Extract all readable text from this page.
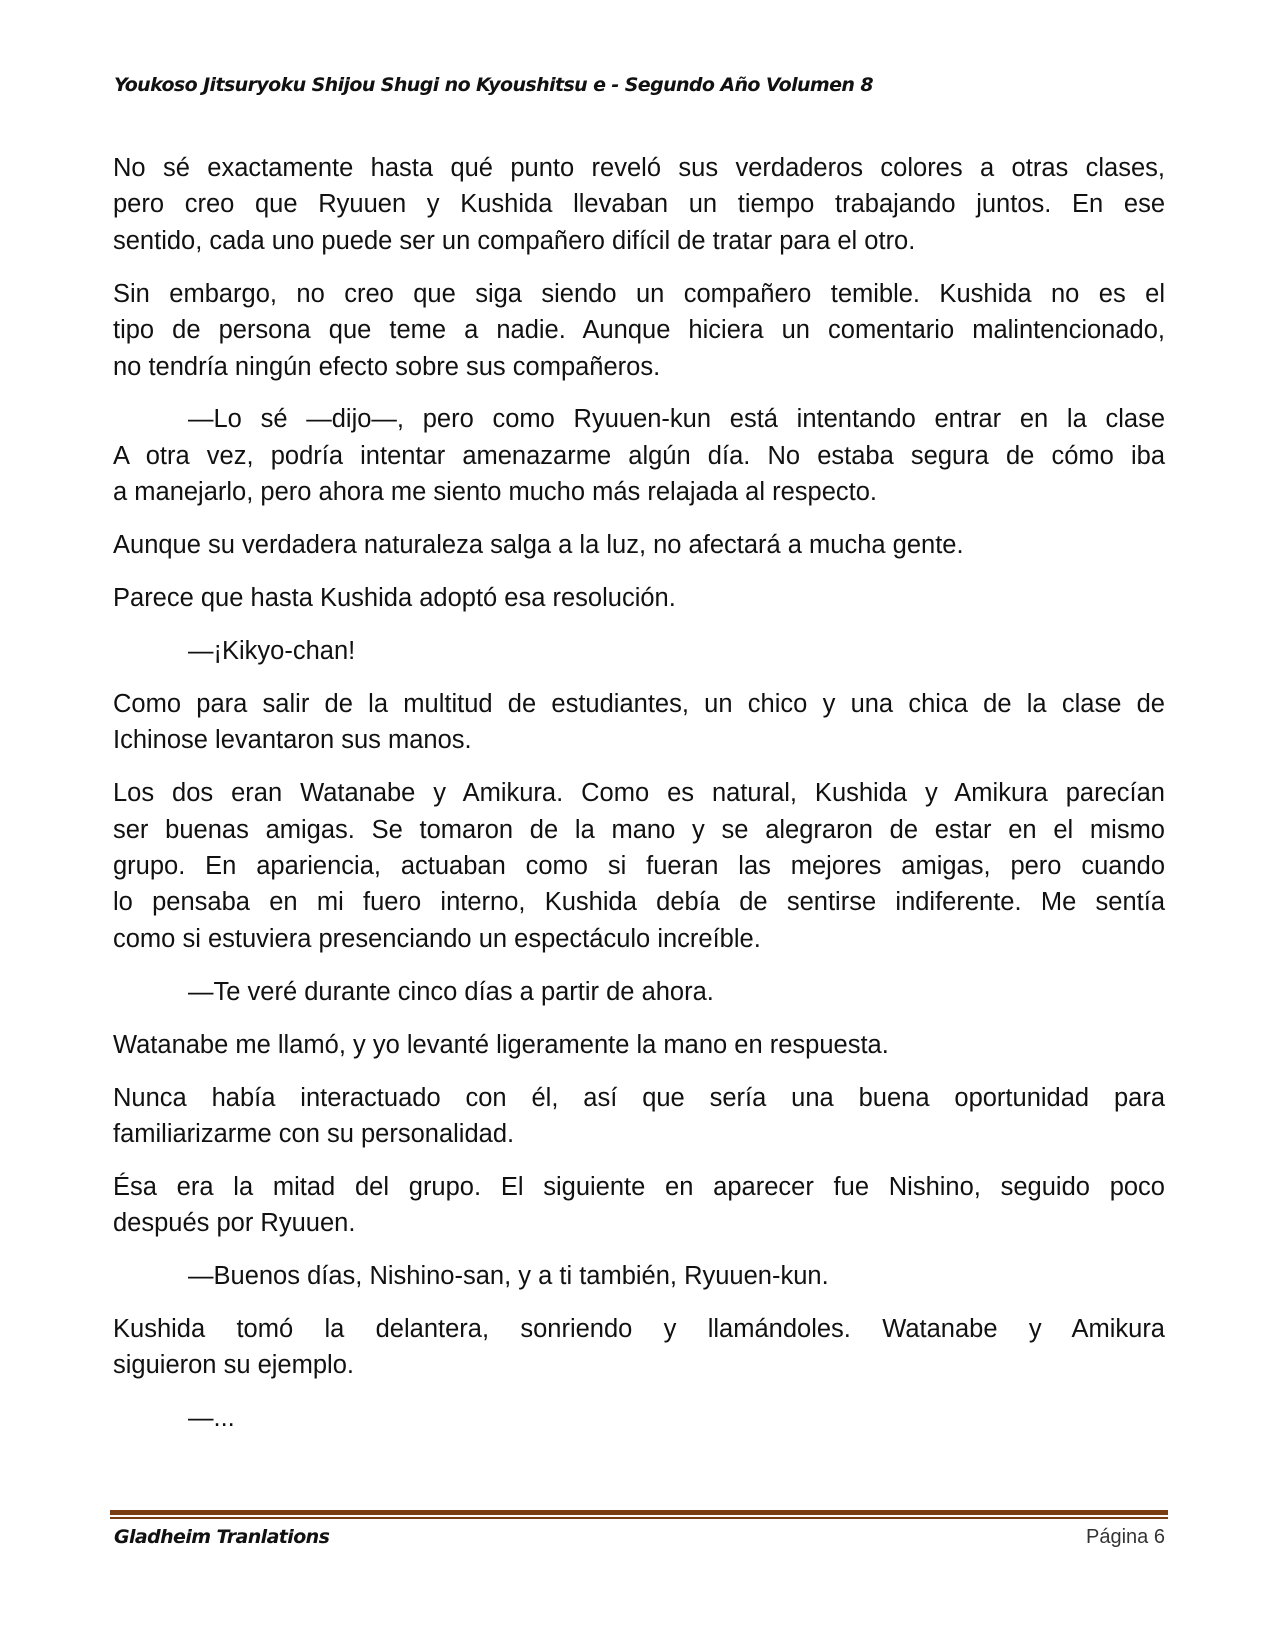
Youkoso Jitsuryoku Shijou Shugi no Kyoushitsu e - Segundo Año Volumen 8
No sé exactamente hasta qué punto reveló sus verdaderos colores a otras clases,
pero creo que Ryuuen y Kushida llevaban un tiempo trabajando juntos. En ese
sentido, cada uno puede ser un compañero difícil de tratar para el otro.
Sin embargo, no creo que siga siendo un compañero temible. Kushida no es el
tipo de persona que teme a nadie. Aunque hiciera un comentario malintencionado,
no tendría ningún efecto sobre sus compañeros.
—Lo sé —dijo—, pero como Ryuuen-kun está intentando entrar en la clase
A otra vez, podría intentar amenazarme algún día. No estaba segura de cómo iba
a manejarlo, pero ahora me siento mucho más relajada al respecto.
Aunque su verdadera naturaleza salga a la luz, no afectará a mucha gente.
Parece que hasta Kushida adoptó esa resolución.
—¡Kikyo-chan!
Como para salir de la multitud de estudiantes, un chico y una chica de la clase de
Ichinose levantaron sus manos.
Los dos eran Watanabe y Amikura. Como es natural, Kushida y Amikura parecían
ser buenas amigas. Se tomaron de la mano y se alegraron de estar en el mismo
grupo. En apariencia, actuaban como si fueran las mejores amigas, pero cuando
lo pensaba en mi fuero interno, Kushida debía de sentirse indiferente. Me sentía
como si estuviera presenciando un espectáculo increíble.
—Te veré durante cinco días a partir de ahora.
Watanabe me llamó, y yo levanté ligeramente la mano en respuesta.
Nunca había interactuado con él, así que sería una buena oportunidad para
familiarizarme con su personalidad.
Ésa era la mitad del grupo. El siguiente en aparecer fue Nishino, seguido poco
después por Ryuuen.
—Buenos días, Nishino-san, y a ti también, Ryuuen-kun.
Kushida tomó la delantera, sonriendo y llamándoles. Watanabe y Amikura
siguieron su ejemplo.
—...
Gladheim Tranlations	Página 6
